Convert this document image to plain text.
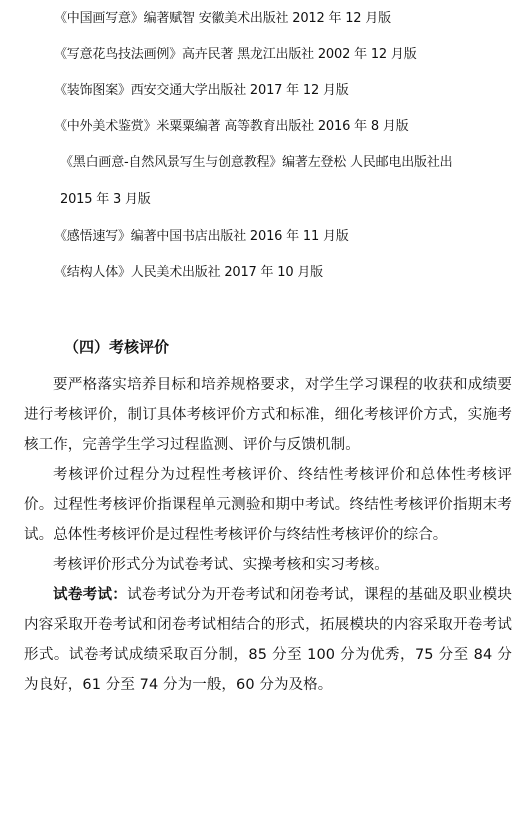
《中国画写意》编著赋智 安徽美术出版社 2012 年 12 月版
《写意花鸟技法画例》高卉民著 黑龙江出版社 2002 年 12 月版
《装饰图案》西安交通大学出版社 2017 年 12 月版
《中外美术鉴赏》米粟粟编著 高等教育出版社 2016 年 8 月版
《黑白画意-自然风景写生与创意教程》编著左登松 人民邮电出版社出
2015 年 3 月版
《感悟速写》编著中国书店出版社 2016 年 11 月版
《结构人体》人民美术出版社 2017 年 10 月版
（四）考核评价

要严格落实培养目标和培养规格要求，对学生学习课程的收获和成绩要进行考核评价，制订具体考核评价方式和标准，细化考核评价方式，实施考核工作，完善学生学习过程监测、评价与反馈机制。

考核评价过程分为过程性考核评价、终结性考核评价和总体性考核评价。过程性考核评价指课程单元测验和期中考试。终结性考核评价指期末考试。总体性考核评价是过程性考核评价与终结性考核评价的综合。

考核评价形式分为试卷考试、实操考核和实习考核。

试卷考试：试卷考试分为开卷考试和闭卷考试，课程的基础及职业模块内容采取开卷考试和闭卷考试相结合的形式，拓展模块的内容采取开卷考试形式。试卷考试成绩采取百分制，85 分至 100 分为优秀，75 分至 84 分为良好，61 分至 74 分为一般，60 分为及格。
